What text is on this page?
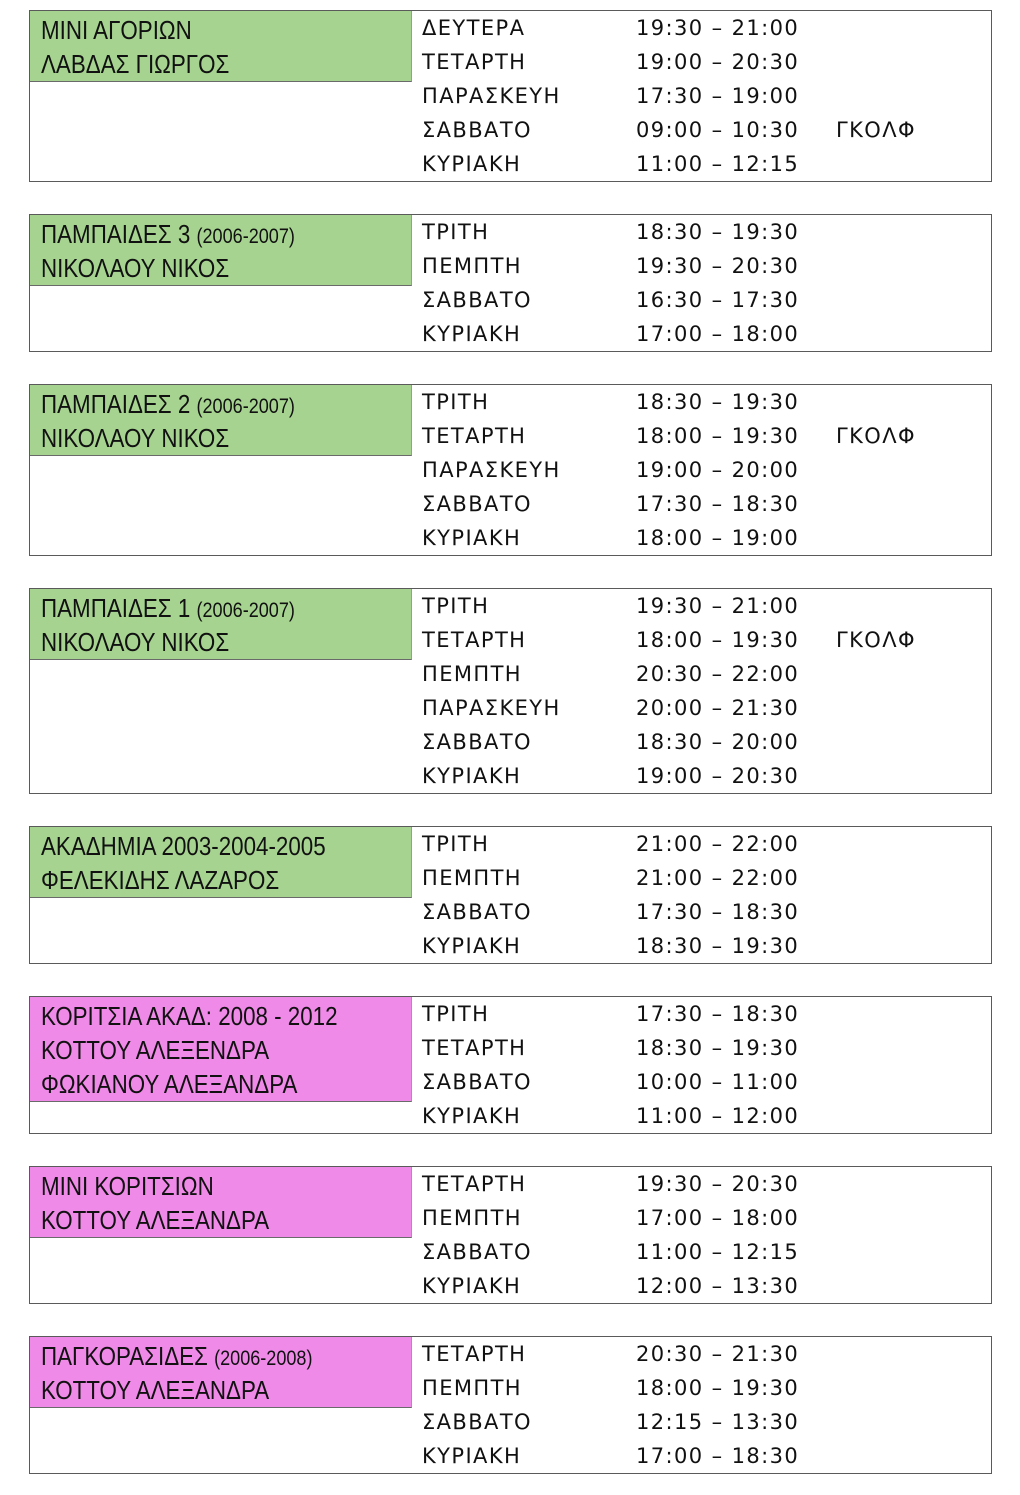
ΜΙΝΙ ΑΓΟΡΙΩΝ
ΛΑΒΔΑΣ ΓΙΩΡΓΟΣ
ΔΕΥΤΕΡΑ	19:30 – 21:00
ΤΕΤΑΡΤΗ	19:00 – 20:30
ΠΑΡΑΣΚΕΥΗ	17:30 – 19:00
ΣΑΒΒΑΤΟ	09:00 – 10:30 ΓΚΟΛΦ
ΚΥΡΙΑΚΗ	11:00 – 12:15
ΠΑΜΠΑΙΔΕΣ 3 (2006-2007)
ΝΙΚΟΛΑΟΥ ΝΙΚΟΣ
ΤΡΙΤΗ	18:30 – 19:30
ΠΕΜΠΤΗ	19:30 – 20:30
ΣΑΒΒΑΤΟ	16:30 – 17:30
ΚΥΡΙΑΚΗ	17:00 – 18:00
ΠΑΜΠΑΙΔΕΣ 2 (2006-2007)
ΝΙΚΟΛΑΟΥ ΝΙΚΟΣ
ΤΡΙΤΗ	18:30 – 19:30
ΤΕΤΑΡΤΗ	18:00 – 19:30 ΓΚΟΛΦ
ΠΑΡΑΣΚΕΥΗ	19:00 – 20:00
ΣΑΒΒΑΤΟ	17:30 – 18:30
ΚΥΡΙΑΚΗ	18:00 – 19:00
ΠΑΜΠΑΙΔΕΣ 1 (2006-2007)
ΝΙΚΟΛΑΟΥ ΝΙΚΟΣ
ΤΡΙΤΗ	19:30 – 21:00
ΤΕΤΑΡΤΗ	18:00 – 19:30 ΓΚΟΛΦ
ΠΕΜΠΤΗ	20:30 – 22:00
ΠΑΡΑΣΚΕΥΗ	20:00 – 21:30
ΣΑΒΒΑΤΟ	18:30 – 20:00
ΚΥΡΙΑΚΗ	19:00 – 20:30
ΑΚΑΔΗΜΙΑ 2003-2004-2005
ΦΕΛΕΚΙΔΗΣ ΛΑΖΑΡΟΣ
ΤΡΙΤΗ	21:00 – 22:00
ΠΕΜΠΤΗ	21:00 – 22:00
ΣΑΒΒΑΤΟ	17:30 – 18:30
ΚΥΡΙΑΚΗ	18:30 – 19:30
ΚΟΡΙΤΣΙΑ ΑΚΑΔ: 2008 - 2012
ΚΟΤΤΟΥ ΑΛΕΞΕΝΔΡΑ
ΦΩΚΙΑΝΟΥ ΑΛΕΞΑΝΔΡΑ
ΤΡΙΤΗ	17:30 – 18:30
ΤΕΤΑΡΤΗ	18:30 – 19:30
ΣΑΒΒΑΤΟ	10:00 – 11:00
ΚΥΡΙΑΚΗ	11:00 – 12:00
ΜΙΝΙ ΚΟΡΙΤΣΙΩΝ
ΚΟΤΤΟΥ ΑΛΕΞΑΝΔΡΑ
ΤΕΤΑΡΤΗ	19:30 – 20:30
ΠΕΜΠΤΗ	17:00 – 18:00
ΣΑΒΒΑΤΟ	11:00 – 12:15
ΚΥΡΙΑΚΗ	12:00 – 13:30
ΠΑΓΚΟΡΑΣΙΔΕΣ (2006-2008)
ΚΟΤΤΟΥ ΑΛΕΞΑΝΔΡΑ
ΤΕΤΑΡΤΗ	20:30 – 21:30
ΠΕΜΠΤΗ	18:00 – 19:30
ΣΑΒΒΑΤΟ	12:15 – 13:30
ΚΥΡΙΑΚΗ	17:00 – 18:30
